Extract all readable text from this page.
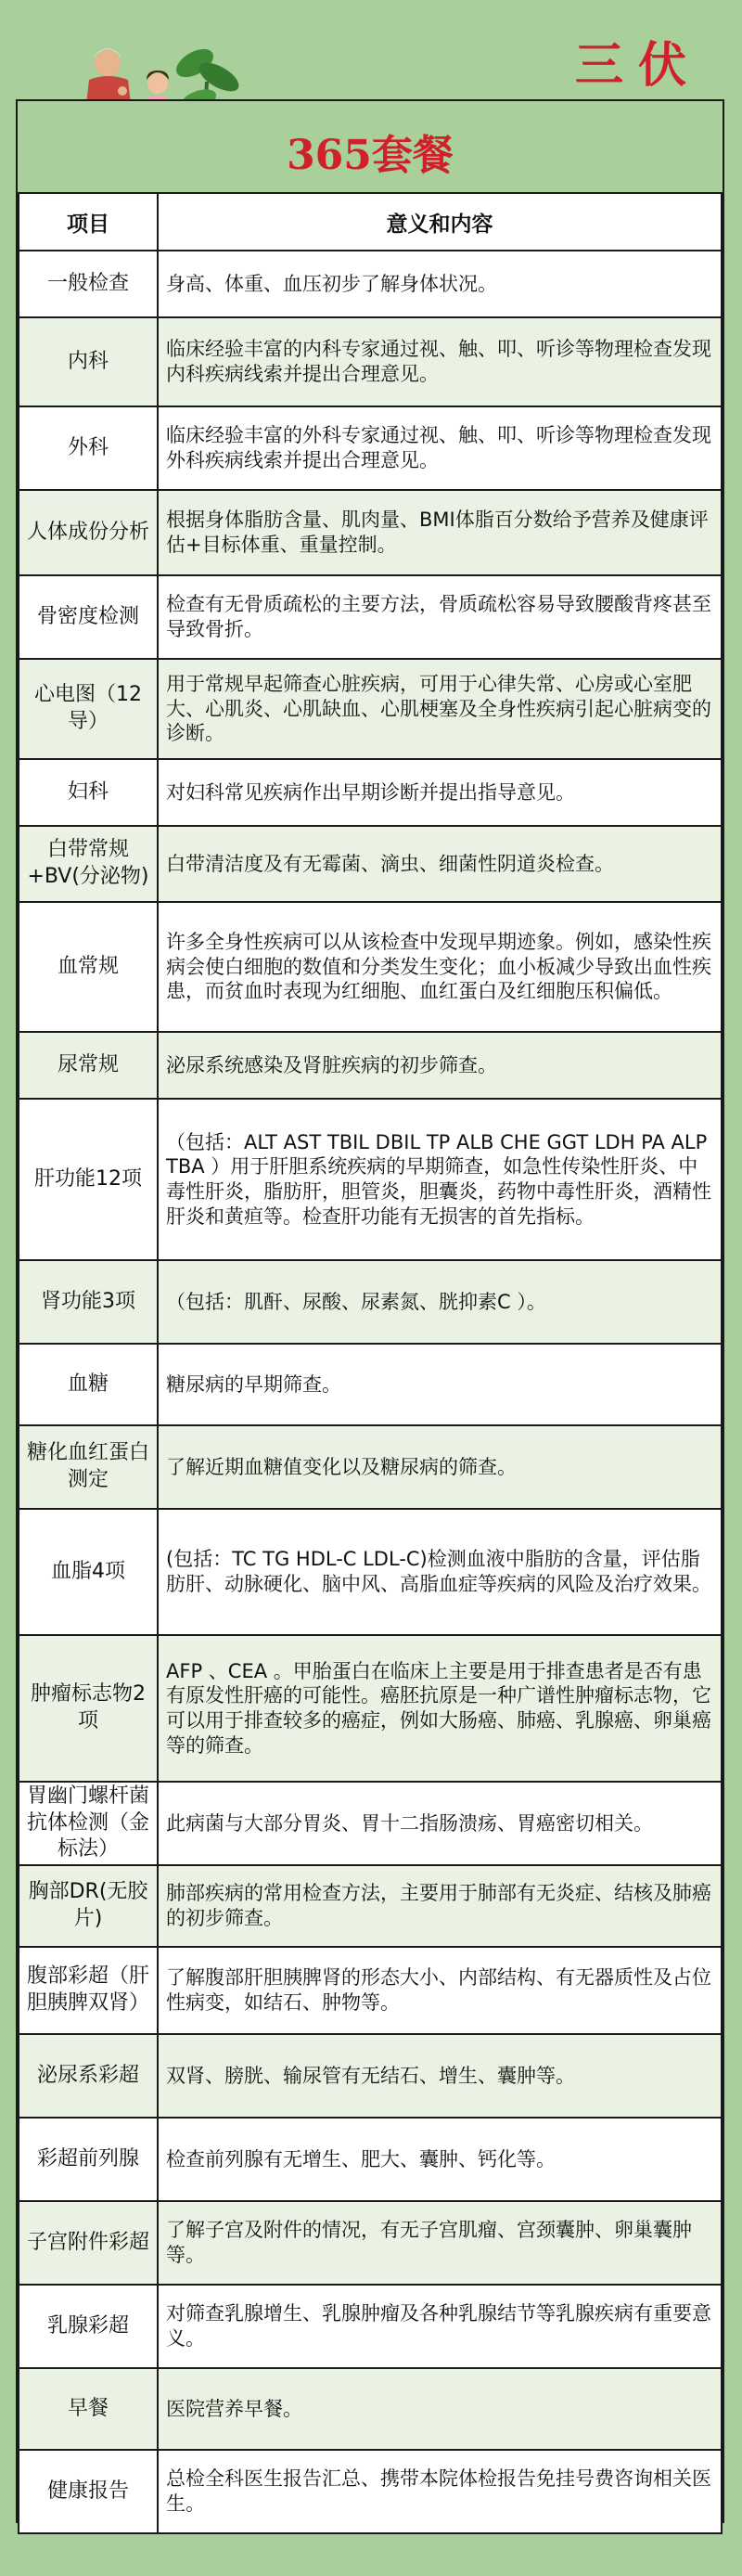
三伏
365套餐
项目	意义和内容
一般检查	身高、体重、血压初步了解身体状况。
内科	临床经验丰富的内科专家通过视、触、叩、听诊等物理检查发现内科疾病线索并提出合理意见。
外科	临床经验丰富的外科专家通过视、触、叩、听诊等物理检查发现外科疾病线索并提出合理意见。
人体成份分析	根据身体脂肪含量、肌肉量、BMI体脂百分数给予营养及健康评估+目标体重、重量控制。
骨密度检测	检查有无骨质疏松的主要方法，骨质疏松容易导致腰酸背疼甚至导致骨折。
心电图（12导）	用于常规早起筛查心脏疾病，可用于心律失常、心房或心室肥大、心肌炎、心肌缺血、心肌梗塞及全身性疾病引起心脏病变的诊断。
妇科	对妇科常见疾病作出早期诊断并提出指导意见。
白带常规+BV(分泌物)	白带清洁度及有无霉菌、滴虫、细菌性阴道炎检查。
血常规	许多全身性疾病可以从该检查中发现早期迹象。例如，感染性疾病会使白细胞的数值和分类发生变化；血小板减少导致出血性疾患，而贫血时表现为红细胞、血红蛋白及红细胞压积偏低。
尿常规	泌尿系统感染及肾脏疾病的初步筛查。
肝功能12项	（包括：ALT AST TBIL DBIL TP ALB CHE GGT LDH PA ALP TBA ）用于肝胆系统疾病的早期筛查，如急性传染性肝炎、中毒性肝炎，脂肪肝，胆管炎，胆囊炎，药物中毒性肝炎，酒精性肝炎和黄疸等。检查肝功能有无损害的首先指标。
肾功能3项	（包括：肌酐、尿酸、尿素氮、胱抑素C ）。
血糖	糖尿病的早期筛查。
糖化血红蛋白测定	了解近期血糖值变化以及糖尿病的筛查。
血脂4项	(包括：TC TG HDL-C LDL-C)检测血液中脂肪的含量，评估脂肪肝、动脉硬化、脑中风、高脂血症等疾病的风险及治疗效果。
肿瘤标志物2项	AFP 、CEA 。甲胎蛋白在临床上主要是用于排查患者是否有患有原发性肝癌的可能性。癌胚抗原是一种广谱性肿瘤标志物，它可以用于排查较多的癌症，例如大肠癌、肺癌、乳腺癌、卵巢癌等的筛查。
胃幽门螺杆菌抗体检测（金标法）	此病菌与大部分胃炎、胃十二指肠溃疡、胃癌密切相关。
胸部DR(无胶片)	肺部疾病的常用检查方法，主要用于肺部有无炎症、结核及肺癌的初步筛查。
腹部彩超（肝胆胰脾双肾）	了解腹部肝胆胰脾肾的形态大小、内部结构、有无器质性及占位性病变，如结石、肿物等。
泌尿系彩超	双肾、膀胱、输尿管有无结石、增生、囊肿等。
彩超前列腺	检查前列腺有无增生、肥大、囊肿、钙化等。
子宫附件彩超	了解子宫及附件的情况，有无子宫肌瘤、宫颈囊肿、卵巢囊肿等。
乳腺彩超	对筛查乳腺增生、乳腺肿瘤及各种乳腺结节等乳腺疾病有重要意义。
早餐	医院营养早餐。
健康报告	总检全科医生报告汇总、携带本院体检报告免挂号费咨询相关医生。
